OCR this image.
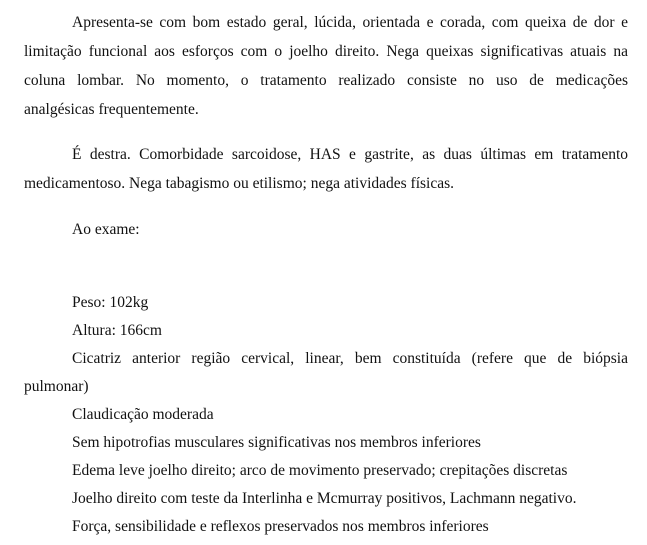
Apresenta-se com bom estado geral, lúcida, orientada e corada, com queixa de dor e
limitação funcional aos esforços com o joelho direito. Nega queixas significativas atuais na
coluna lombar. No momento, o tratamento realizado consiste no uso de medicações
analgésicas frequentemente.

É destra. Comorbidade sarcoidose, HAS e gastrite, as duas últimas em tratamento
medicamentoso. Nega tabagismo ou etilismo; nega atividades físicas.

Ao exame:
Peso: 102kg
Altura: 166cm
Cicatriz anterior região cervical, linear, bem constituída (refere que de biópsia
pulmonar)
Claudicação moderada
Sem hipotrofias musculares significativas nos membros inferiores
Edema leve joelho direito; arco de movimento preservado; crepitações discretas
Joelho direito com teste da Interlinha e Mcmurray positivos, Lachmann negativo.
Força, sensibilidade e reflexos preservados nos membros inferiores
